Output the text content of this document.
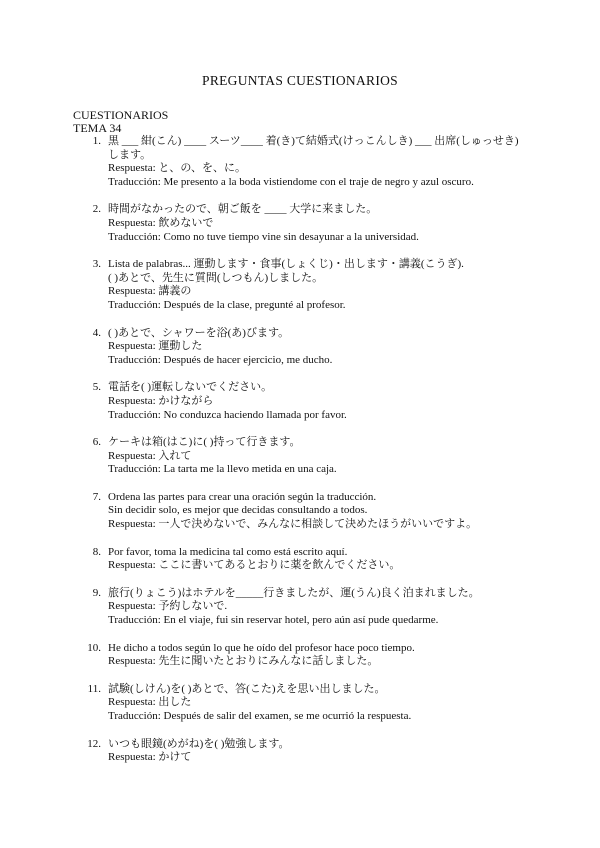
PREGUNTAS CUESTIONARIOS
CUESTIONARIOS
TEMA 34
1. 黒 ___ 紺(こん) ____ スーツ____ 着(き)て結婚式(けっこんしき) ___ 出席(しゅっせき)します。
Respuesta: と、の、を、に。
Traducción: Me presento a la boda vistiendome con el traje de negro y azul oscuro.
2. 時間がなかったので、朝ご飯を ____ 大学に来ました。
Respuesta: 飲めないで
Traducción: Como no tuve tiempo vine sin desayunar a la universidad.
3. Lista de palabras... 運動します・食事(しょくじ)・出します・講義(こうぎ).
( )あとで、先生に質問(しつもん)しました。
Respuesta: 講義の
Traducción: Después de la clase, pregunté al profesor.
4. ( )あとで、シャワーを浴(あ)びます。
Respuesta: 運動した
Traducción: Después de hacer ejercicio, me ducho.
5. 電話を( )運転しないでください。
Respuesta: かけながら
Traducción: No conduzca haciendo llamada por favor.
6. ケーキは箱(はこ)に( )持って行きます。
Respuesta: 入れて
Traducción: La tarta me la llevo metida en una caja.
7. Ordena las partes para crear una oración según la traducción.
Sin decidir solo, es mejor que decidas consultando a todos.
Respuesta: 一人で決めないで、みんなに相談して決めたほうがいいですよ。
8. Por favor, toma la medicina tal como está escrito aquí.
Respuesta: ここに書いてあるとおりに薬を飲んでください。
9. 旅行(りょこう)はホテルを_____行きましたが、運(うん)良く泊まれました。
Respuesta: 予約しないで.
Traducción: En el viaje, fui sin reservar hotel, pero aún así pude quedarme.
10. He dicho a todos según lo que he oído del profesor hace poco tiempo.
Respuesta: 先生に聞いたとおりにみんなに話しました。
11. 試験(しけん)を( )あとで、答(こた)えを思い出しました。
Respuesta: 出した
Traducción: Después de salir del examen, se me ocurrió la respuesta.
12. いつも眼鏡(めがね)を( )勉強します。
Respuesta: かけて
